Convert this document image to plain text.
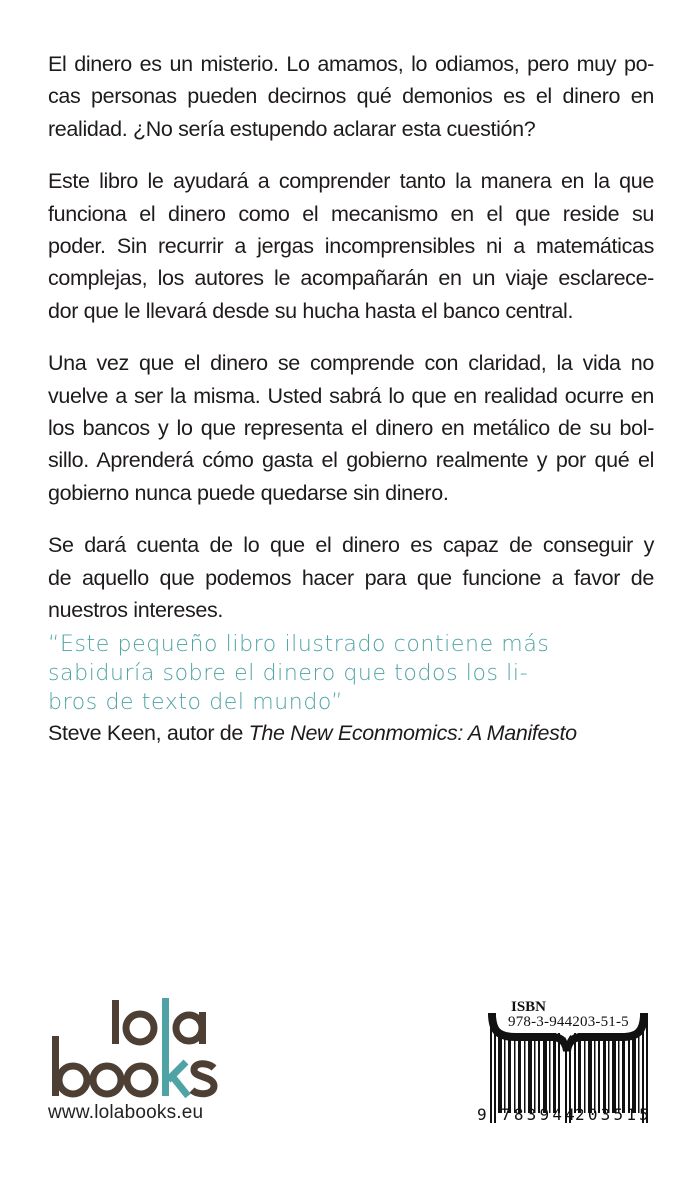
El dinero es un misterio. Lo amamos, lo odiamos, pero muy po-
cas personas pueden decirnos qué demonios es el dinero en
realidad. ¿No sería estupendo aclarar esta cuestión?

Este libro le ayudará a comprender tanto la manera en la que
funciona el dinero como el mecanismo en el que reside su
poder. Sin recurrir a jergas incomprensibles ni a matemáticas
complejas, los autores le acompañarán en un viaje esclarece-
dor que le llevará desde su hucha hasta el banco central.

Una vez que el dinero se comprende con claridad, la vida no
vuelve a ser la misma. Usted sabrá lo que en realidad ocurre en
los bancos y lo que representa el dinero en metálico de su bol-
sillo. Aprenderá cómo gasta el gobierno realmente y por qué el
gobierno nunca puede quedarse sin dinero.

Se dará cuenta de lo que el dinero es capaz de conseguir y
de aquello que podemos hacer para que funcione a favor de
nuestros intereses.

“Este pequeño libro ilustrado contiene más
sabiduría sobre el dinero que todos los li-
bros de texto del mundo”
Steve Keen, autor de The New Econmomics: A Manifesto
www.lolabooks.eu
ISBN
978-3-944203-51-5
9 783944
203515
